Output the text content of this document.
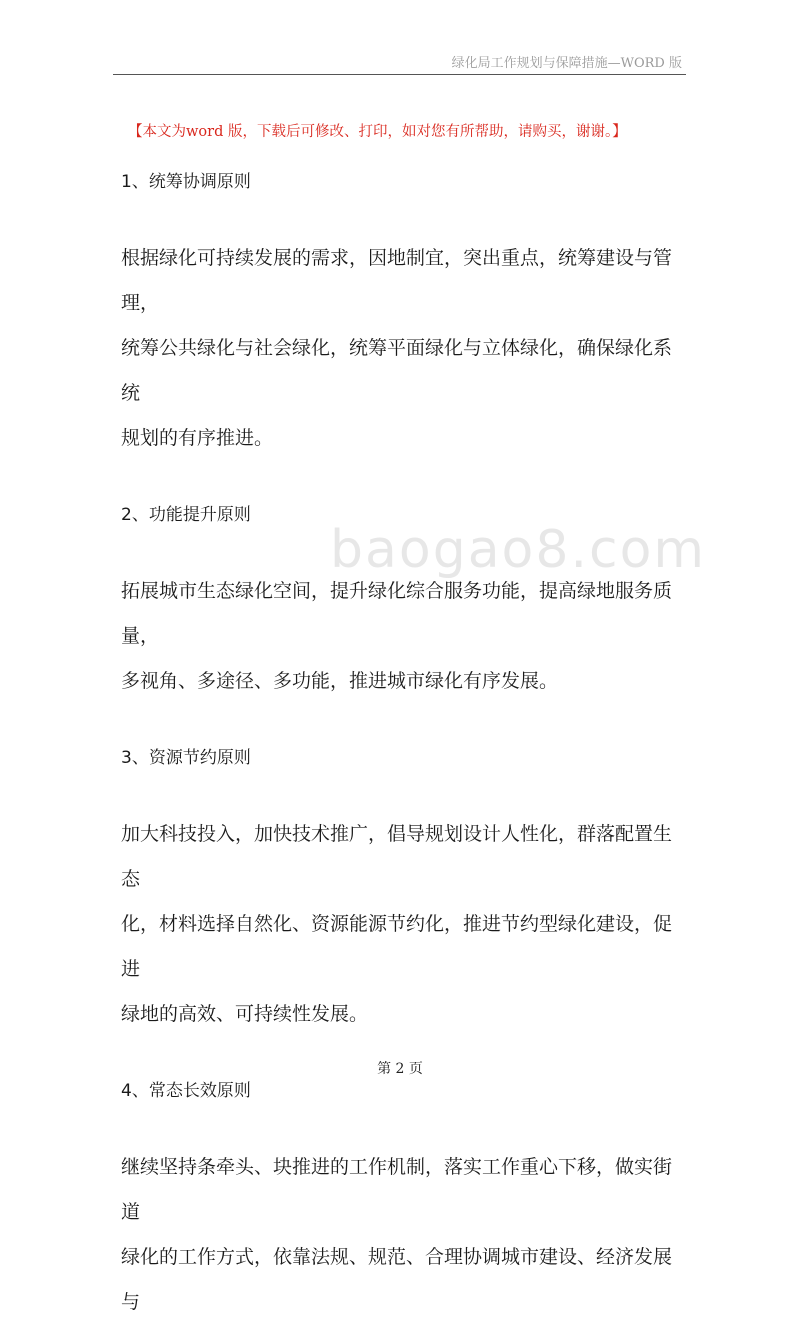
绿化局工作规划与保障措施—WORD 版
【本文为word 版，下载后可修改、打印，如对您有所帮助，请购买，谢谢。】
1、统筹协调原则
根据绿化可持续发展的需求，因地制宜，突出重点，统筹建设与管理，
统筹公共绿化与社会绿化，统筹平面绿化与立体绿化，确保绿化系统
规划的有序推进。
2、功能提升原则
拓展城市生态绿化空间，提升绿化综合服务功能，提高绿地服务质量，
多视角、多途径、多功能，推进城市绿化有序发展。
3、资源节约原则
加大科技投入，加快技术推广，倡导规划设计人性化，群落配置生态
化，材料选择自然化、资源能源节约化，推进节约型绿化建设，促进
绿地的高效、可持续性发展。
4、常态长效原则
继续坚持条牵头、块推进的工作机制，落实工作重心下移，做实街道
绿化的工作方式，依靠法规、规范、合理协调城市建设、经济发展与
baogao8.com
第 2 页
